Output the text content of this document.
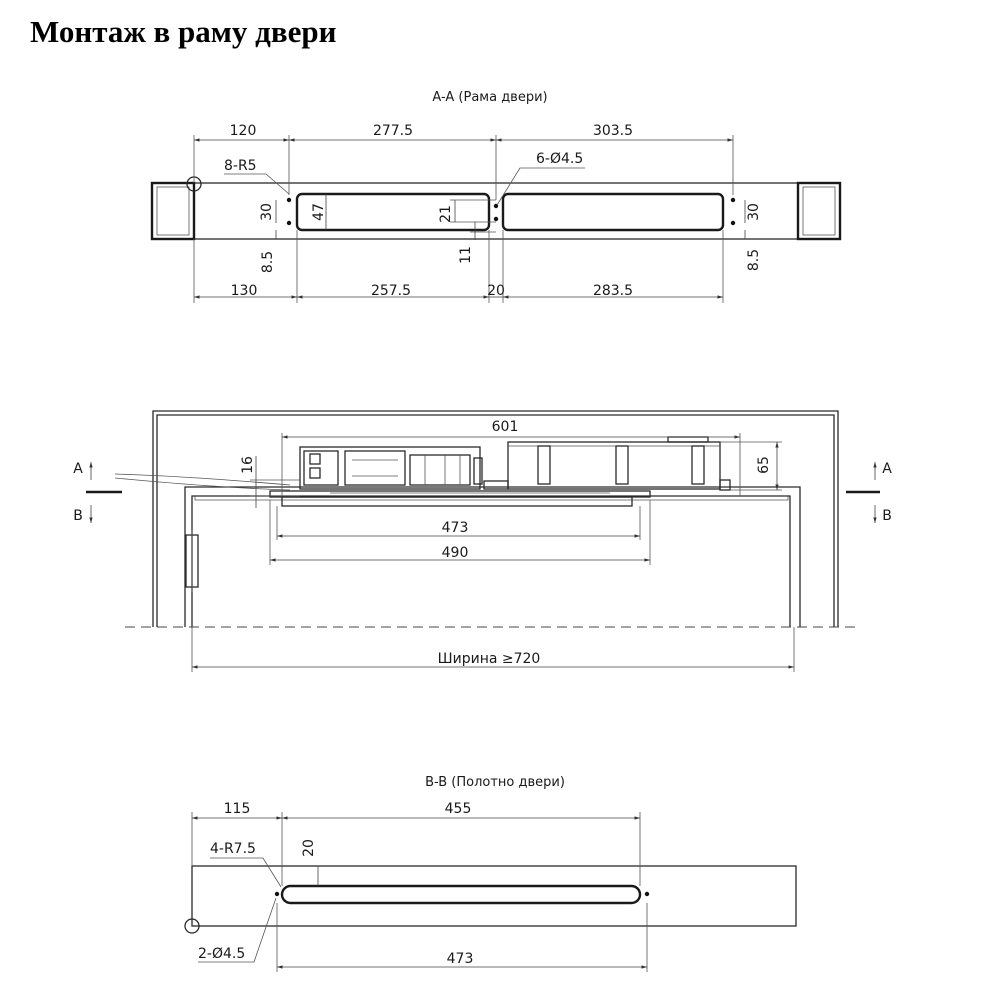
Монтаж в раму двери
A-A (Рама двери)
120	277.5	303.5
130	257.5	20	283.5
8-R5	6-Ø4.5
30	47
8.5
21
11
30
8.5
601
16	65
473
490
Ширина ≥720
A
B
A
B
B-B (Полотно двери)
115	455
20
4-R7.5
2-Ø4.5	473
